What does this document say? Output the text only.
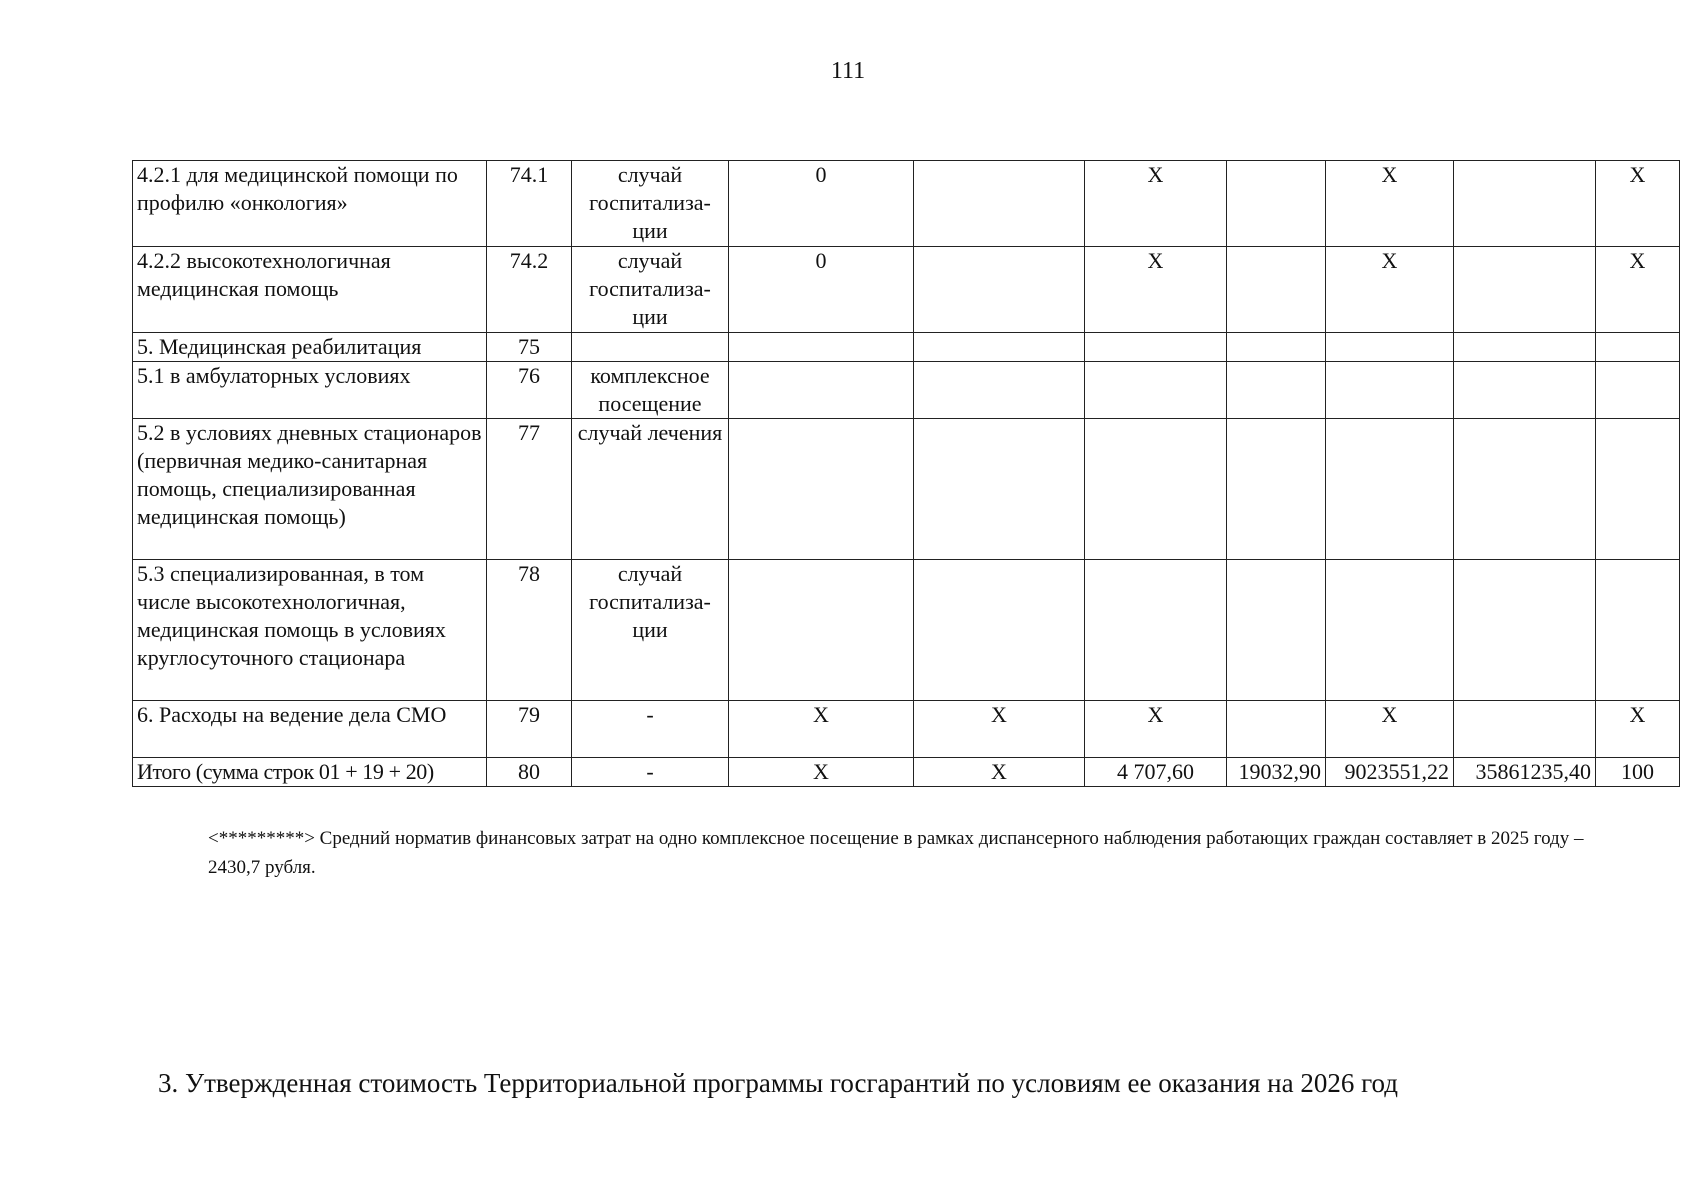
111
4.2.1 для медицинской помощи по профилю «онкология»	74.1	случай госпитализа-ции	0		X		X		X
4.2.2 высокотехнологичная медицинская помощь	74.2	случай госпитализа-ции	0		X		X		X
5. Медицинская реабилитация	75								
5.1 в амбулаторных условиях	76	комплексное посещение							
5.2 в условиях дневных стационаров (первичная медико-санитарная помощь, специализированная медицинская помощь)	77	случай лечения							
5.3 специализированная, в том числе высокотехнологичная, медицинская помощь в условиях круглосуточного стационара	78	случай госпитализа-ции							
6. Расходы на ведение дела СМО	79	-	X	X	X		X		X
Итого (сумма строк 01 + 19 + 20)	80	-	X	X	4 707,60	19032,90	9023551,22	35861235,40	100
<*********> Средний норматив финансовых затрат на одно комплексное посещение в рамках диспансерного наблюдения работающих граждан составляет в 2025 году – 2430,7 рубля.
3. Утвержденная стоимость Территориальной программы госгарантий по условиям ее оказания на 2026 год
